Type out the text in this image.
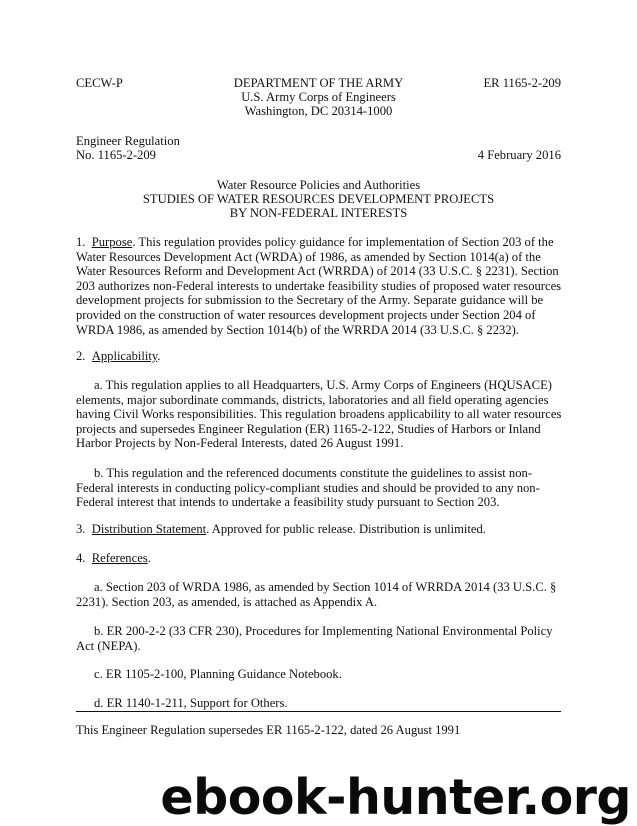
CECW-P	DEPARTMENT OF THE ARMY
U.S. Army Corps of Engineers
Washington, DC 20314-1000
ER 1165-2-209
Engineer Regulation
No. 1165-2-209	4 February 2016
Water Resource Policies and Authorities
STUDIES OF WATER RESOURCES DEVELOPMENT PROJECTS
BY NON-FEDERAL INTERESTS
1. Purpose. This regulation provides policy guidance for implementation of Section 203 of the Water Resources Development Act (WRDA) of 1986, as amended by Section 1014(a) of the Water Resources Reform and Development Act (WRRDA) of 2014 (33 U.S.C. § 2231). Section 203 authorizes non-Federal interests to undertake feasibility studies of proposed water resources development projects for submission to the Secretary of the Army. Separate guidance will be provided on the construction of water resources development projects under Section 204 of WRDA 1986, as amended by Section 1014(b) of the WRRDA 2014 (33 U.S.C. § 2232).
2. Applicability.
a. This regulation applies to all Headquarters, U.S. Army Corps of Engineers (HQUSACE) elements, major subordinate commands, districts, laboratories and all field operating agencies having Civil Works responsibilities. This regulation broadens applicability to all water resources projects and supersedes Engineer Regulation (ER) 1165-2-122, Studies of Harbors or Inland Harbor Projects by Non-Federal Interests, dated 26 August 1991.
b. This regulation and the referenced documents constitute the guidelines to assist non-Federal interests in conducting policy-compliant studies and should be provided to any non-Federal interest that intends to undertake a feasibility study pursuant to Section 203.
3. Distribution Statement. Approved for public release. Distribution is unlimited.
4. References.
a. Section 203 of WRDA 1986, as amended by Section 1014 of WRRDA 2014 (33 U.S.C. § 2231). Section 203, as amended, is attached as Appendix A.
b. ER 200-2-2 (33 CFR 230), Procedures for Implementing National Environmental Policy Act (NEPA).
c. ER 1105-2-100, Planning Guidance Notebook.
d. ER 1140-1-211, Support for Others.
This Engineer Regulation supersedes ER 1165-2-122, dated 26 August 1991
ebook-hunter.org
